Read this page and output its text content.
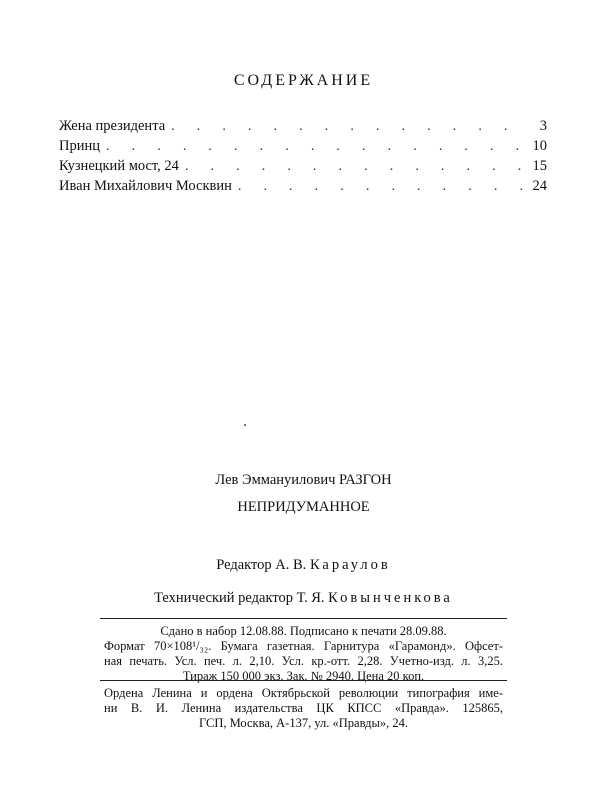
СОДЕРЖАНИЕ
Жена президента . . .	3
Принц . . .	10
Кузнецкий мост, 24 . . .	15
Иван Михайлович Москвин . . .	24
Лев Эммануилович РАЗГОН
НЕПРИДУМАННОЕ
Редактор А. В. Караулов
Технический редактор Т. Я. Ковынченкова
Сдано в набор 12.08.88. Подписано к печати 28.09.88.
Формат 70×108¹/₃₂. Бумага газетная. Гарнитура «Гарамонд». Офсет-
ная печать. Усл. печ. л. 2,10. Усл. кр.-отт. 2,28. Учетно-изд. л. 3,25.
Тираж 150 000 экз. Зак. № 2940. Цена 20 коп.
Ордена Ленина и ордена Октябрьской революции типография име-
ни В. И. Ленина издательства ЦК КПСС «Правда». 125865,
ГСП, Москва, А-137, ул. «Правды», 24.
